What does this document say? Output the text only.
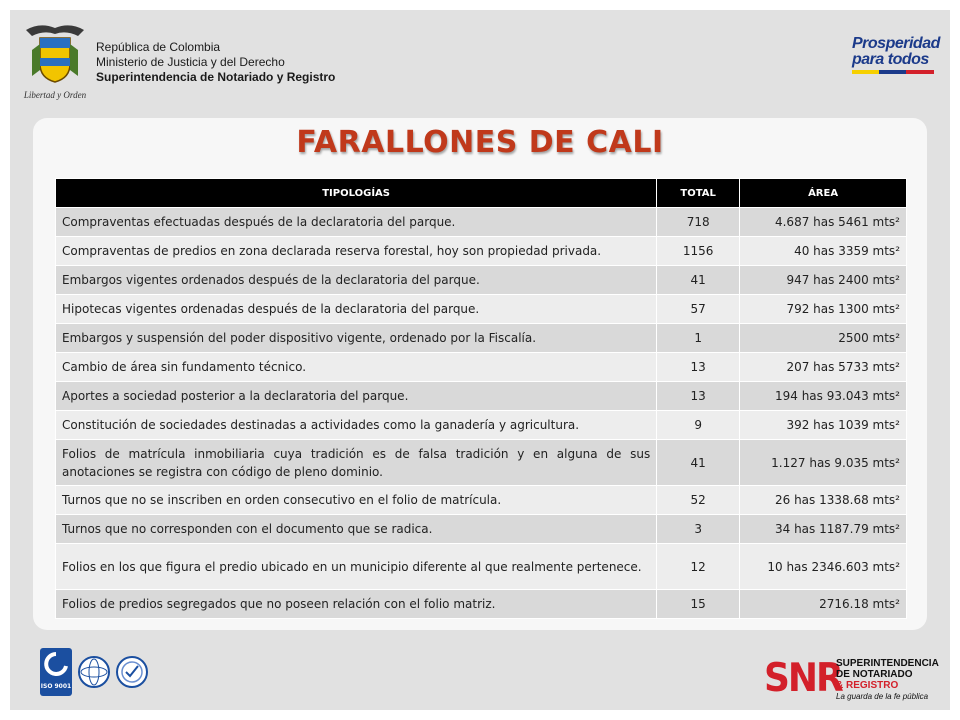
Libertad y Orden
República de Colombia
Ministerio de Justicia y del Derecho
Superintendencia de Notariado y Registro
Prosperidad
para todos
FARALLONES DE CALI
TIPOLOGÍAS	TOTAL	ÁREA
Compraventas efectuadas después de la declaratoria del parque.	718	4.687 has 5461 mts²
Compraventas de predios en zona declarada reserva forestal, hoy son propiedad privada.	1156	40 has 3359 mts²
Embargos vigentes ordenados después de la declaratoria del parque.	41	947 has 2400 mts²
Hipotecas vigentes ordenadas después de la declaratoria del parque.	57	792 has 1300 mts²
Embargos y suspensión del poder dispositivo vigente, ordenado por la Fiscalía.	1	2500 mts²
Cambio de área sin fundamento técnico.	13	207 has 5733 mts²
Aportes a sociedad posterior a la declaratoria del parque.	13	194 has 93.043 mts²
Constitución de sociedades destinadas a actividades como la ganadería y agricultura.	9	392 has 1039 mts²
Folios de matrícula inmobiliaria cuya tradición es de falsa tradición y en alguna de sus anotaciones se registra con código de pleno dominio.	41	1.127 has 9.035 mts²
Turnos que no se inscriben en orden consecutivo en el folio de matrícula.	52	26 has 1338.68 mts²
Turnos que no corresponden con el documento que se radica.	3	34 has 1187.79 mts²
Folios en los que figura el predio ubicado en un municipio diferente al que realmente pertenece.	12	10 has 2346.603 mts²
Folios de predios segregados que no poseen relación con el folio matriz.	15	2716.18 mts²
ISO 9001	SNR
SUPERINTENDENCIA
DE NOTARIADO
& REGISTRO
La guarda de la fe pública
